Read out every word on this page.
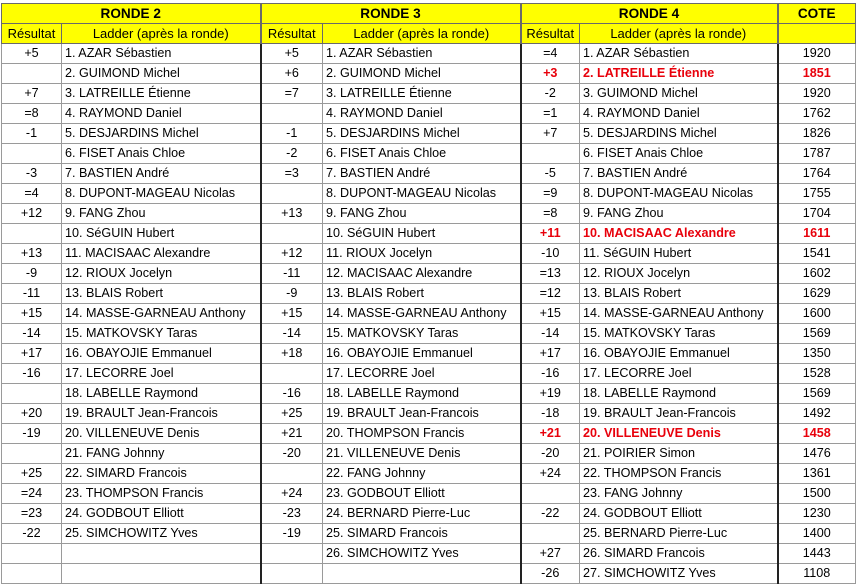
RONDE 2		RONDE 3		RONDE 4		COTE
Résultat	Ladder (après la ronde)	Résultat	Ladder (après la ronde)	Résultat	Ladder (après la ronde)	
+5	1. AZAR Sébastien	+5	1. AZAR Sébastien	=4	1. AZAR Sébastien	1920
	2. GUIMOND Michel	+6	2. GUIMOND Michel	+3	2. LATREILLE Étienne	1851
+7	3. LATREILLE Étienne	=7	3. LATREILLE Étienne	-2	3. GUIMOND Michel	1920
=8	4. RAYMOND Daniel		4. RAYMOND Daniel	=1	4. RAYMOND Daniel	1762
-1	5. DESJARDINS Michel	-1	5. DESJARDINS Michel	+7	5. DESJARDINS Michel	1826
	6. FISET Anais Chloe	-2	6. FISET Anais Chloe		6. FISET Anais Chloe	1787
-3	7. BASTIEN André	=3	7. BASTIEN André	-5	7. BASTIEN André	1764
=4	8. DUPONT-MAGEAU Nicolas		8. DUPONT-MAGEAU Nicolas	=9	8. DUPONT-MAGEAU Nicolas	1755
+12	9. FANG Zhou	+13	9. FANG Zhou	=8	9. FANG Zhou	1704
	10. SéGUIN Hubert		10. SéGUIN Hubert	+11	10. MACISAAC Alexandre	1611
+13	11. MACISAAC Alexandre	+12	11. RIOUX Jocelyn	-10	11. SéGUIN Hubert	1541
-9	12. RIOUX Jocelyn	-11	12. MACISAAC Alexandre	=13	12. RIOUX Jocelyn	1602
-11	13. BLAIS Robert	-9	13. BLAIS Robert	=12	13. BLAIS Robert	1629
+15	14. MASSE-GARNEAU Anthony	+15	14. MASSE-GARNEAU Anthony	+15	14. MASSE-GARNEAU Anthony	1600
-14	15. MATKOVSKY Taras	-14	15. MATKOVSKY Taras	-14	15. MATKOVSKY Taras	1569
+17	16. OBAYOJIE Emmanuel	+18	16. OBAYOJIE Emmanuel	+17	16. OBAYOJIE Emmanuel	1350
-16	17. LECORRE Joel		17. LECORRE Joel	-16	17. LECORRE Joel	1528
	18. LABELLE Raymond	-16	18. LABELLE Raymond	+19	18. LABELLE Raymond	1569
+20	19. BRAULT Jean-Francois	+25	19. BRAULT Jean-Francois	-18	19. BRAULT Jean-Francois	1492
-19	20. VILLENEUVE Denis	+21	20. THOMPSON Francis	+21	20. VILLENEUVE Denis	1458
	21. FANG Johnny	-20	21. VILLENEUVE Denis	-20	21. POIRIER Simon	1476
+25	22. SIMARD Francois		22. FANG Johnny	+24	22. THOMPSON Francis	1361
=24	23. THOMPSON Francis	+24	23. GODBOUT Elliott		23. FANG Johnny	1500
=23	24. GODBOUT Elliott	-23	24. BERNARD Pierre-Luc	-22	24. GODBOUT Elliott	1230
-22	25. SIMCHOWITZ Yves	-19	25. SIMARD Francois		25. BERNARD Pierre-Luc	1400
			26. SIMCHOWITZ Yves	+27	26. SIMARD Francois	1443
				-26	27. SIMCHOWITZ Yves	1108
